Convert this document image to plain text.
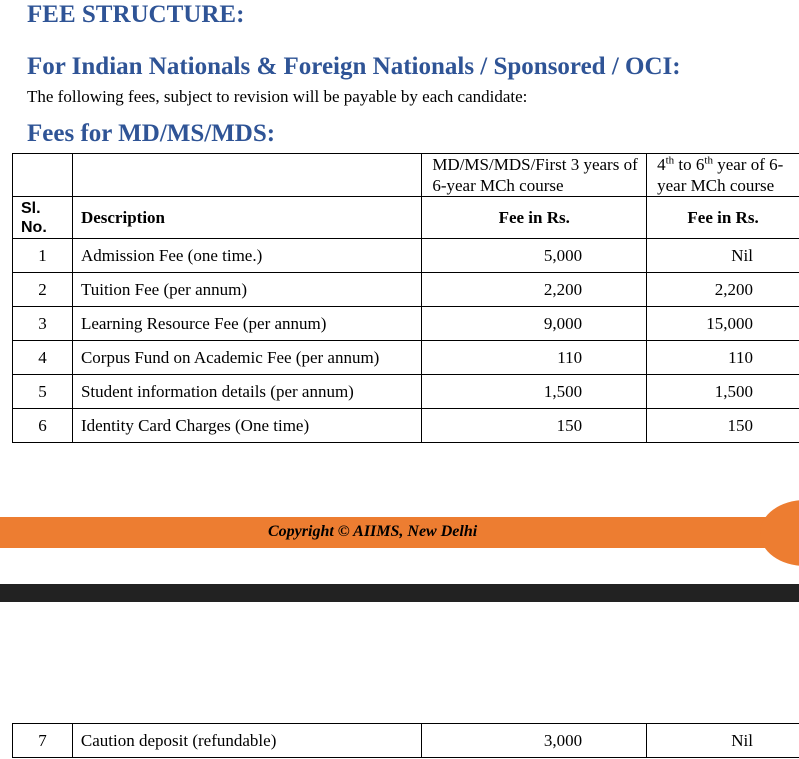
FEE STRUCTURE:
For Indian Nationals & Foreign Nationals / Sponsored / OCI:

The following fees, subject to revision will be payable by each candidate:

Fees for MD/MS/MDS:
		MD/MS/MDS/First 3 years of 6-year MCh course	4th to 6th year of 6-year MCh course
Sl. No.	Description	Fee in Rs.	Fee in Rs.
1	Admission Fee (one time.)	5,000	Nil
2	Tuition Fee (per annum)	2,200	2,200
3	Learning Resource Fee (per annum)	9,000	15,000
4	Corpus Fund on Academic Fee (per annum)	110	110
5	Student information details (per annum)	1,500	1,500
6	Identity Card Charges (One time)	150	150
Copyright © AIIMS, New Delhi
7	Caution deposit (refundable)	3,000	Nil
